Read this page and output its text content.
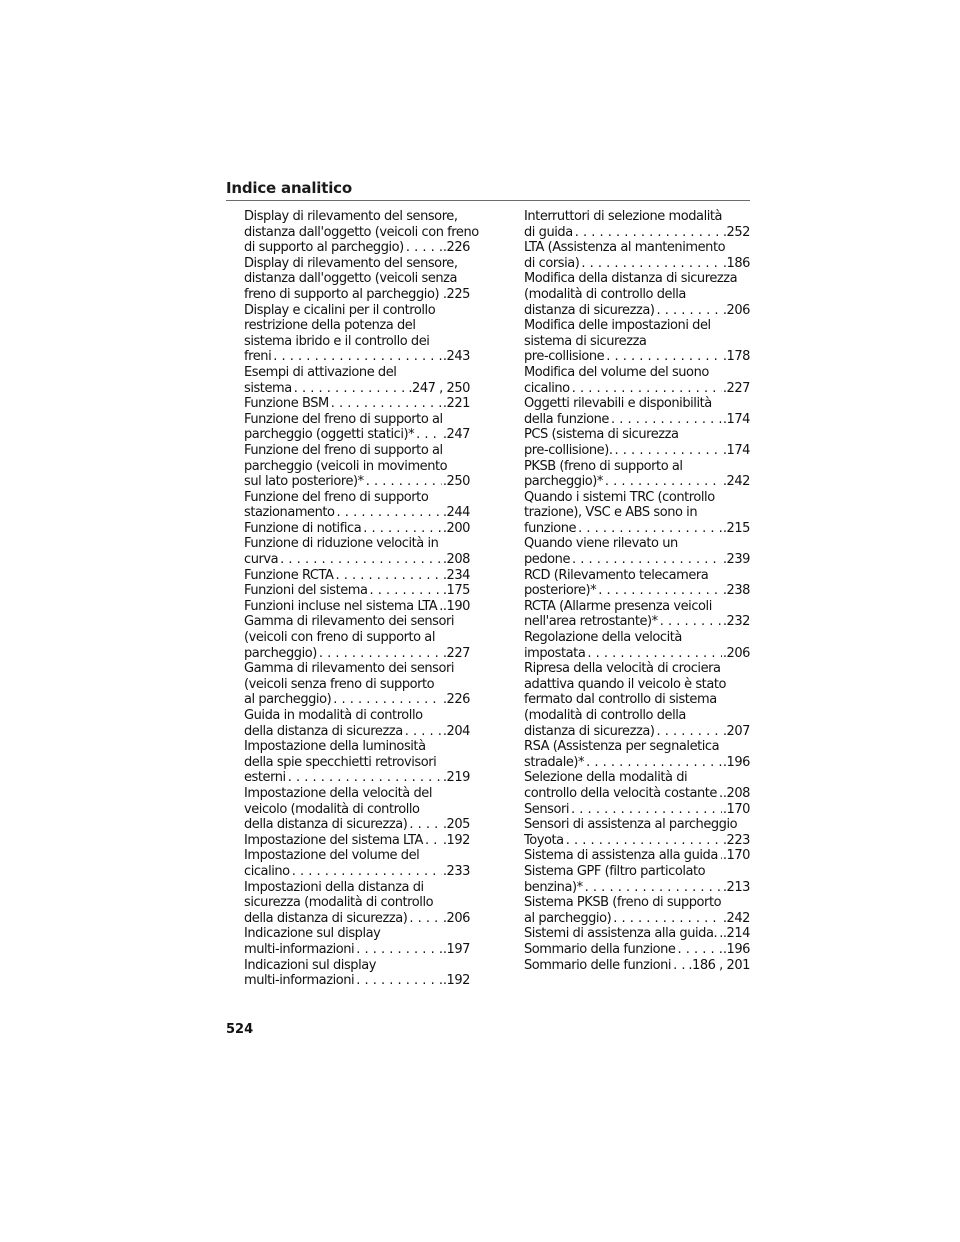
Indice analitico
Display di rilevamento del sensore,
distanza dall'oggetto (veicoli con freno
di supporto al parcheggio) . . .	.226
Display di rilevamento del sensore,
distanza dall'oggetto (veicoli senza
freno di supporto al parcheggio) . . . .225
Display e cicalini per il controllo
restrizione della potenza del
sistema ibrido e il controllo dei
freni . . .	.243
Esempi di attivazione del
sistema . . .	.247 , 250
Funzione BSM . . .	.221
Funzione del freno di supporto al
parcheggio (oggetti statici)* . . . .247
Funzione del freno di supporto al
parcheggio (veicoli in movimento
sul lato posteriore)* . . .	.250
Funzione del freno di supporto
stazionamento . . .	.244
Funzione di notifica . . .	.200
Funzione di riduzione velocità in
curva . . .	.208
Funzione RCTA . . .	.234
Funzioni del sistema . . .	.175
Funzioni incluse nel sistema LTA . . . .190
Gamma di rilevamento dei sensori
(veicoli con freno di supporto al
parcheggio) . . .	.227
Gamma di rilevamento dei sensori
(veicoli senza freno di supporto
al parcheggio) . . .	.226
Guida in modalità di controllo
della distanza di sicurezza . . .	.204
Impostazione della luminosità
della spie specchietti retrovisori
esterni . . .	.219
Impostazione della velocità del
veicolo (modalità di controllo
della distanza di sicurezza) . . .	.205
Impostazione del sistema LTA . . . .192
Impostazione del volume del
cicalino . . .	.233
Impostazioni della distanza di
sicurezza (modalità di controllo
della distanza di sicurezza) . . .	.206
Indicazione sul display
multi-informazioni . . .	.197
Indicazioni sul display
multi-informazioni . . .	.192
Interruttori di selezione modalità
di guida . . .	.252
LTA (Assistenza al mantenimento
di corsia) . . .	.186
Modifica della distanza di sicurezza
(modalità di controllo della
distanza di sicurezza) . . .	.206
Modifica delle impostazioni del
sistema di sicurezza
pre-collisione . . .	.178
Modifica del volume del suono
cicalino . . .	.227
Oggetti rilevabili e disponibilità
della funzione . . .	.174
PCS (sistema di sicurezza
pre-collisione). . . .	.174
PKSB (freno di supporto al
parcheggio)* . . .	.242
Quando i sistemi TRC (controllo
trazione), VSC e ABS sono in
funzione . . .	.215
Quando viene rilevato un
pedone . . .	.239
RCD (Rilevamento telecamera
posteriore)* . . .	.238
RCTA (Allarme presenza veicoli
nell'area retrostante)* . . .	.232
Regolazione della velocità
impostata . . .	.206
Ripresa della velocità di crociera
adattiva quando il veicolo è stato
fermato dal controllo di sistema
(modalità di controllo della
distanza di sicurezza) . . .	.207
RSA (Assistenza per segnaletica
stradale)* . . .	.196
Selezione della modalità di
controllo della velocità costante . . . .208
Sensori . . .	.170
Sensori di assistenza al parcheggio
Toyota . . .	.223
Sistema di assistenza alla guida . . . .170
Sistema GPF (filtro particolato
benzina)* . . .	.213
Sistema PKSB (freno di supporto
al parcheggio) . . .	.242
Sistemi di assistenza alla guida. . . . .214
Sommario della funzione . . .	.196
Sommario delle funzioni . . . .186 , 201
524
